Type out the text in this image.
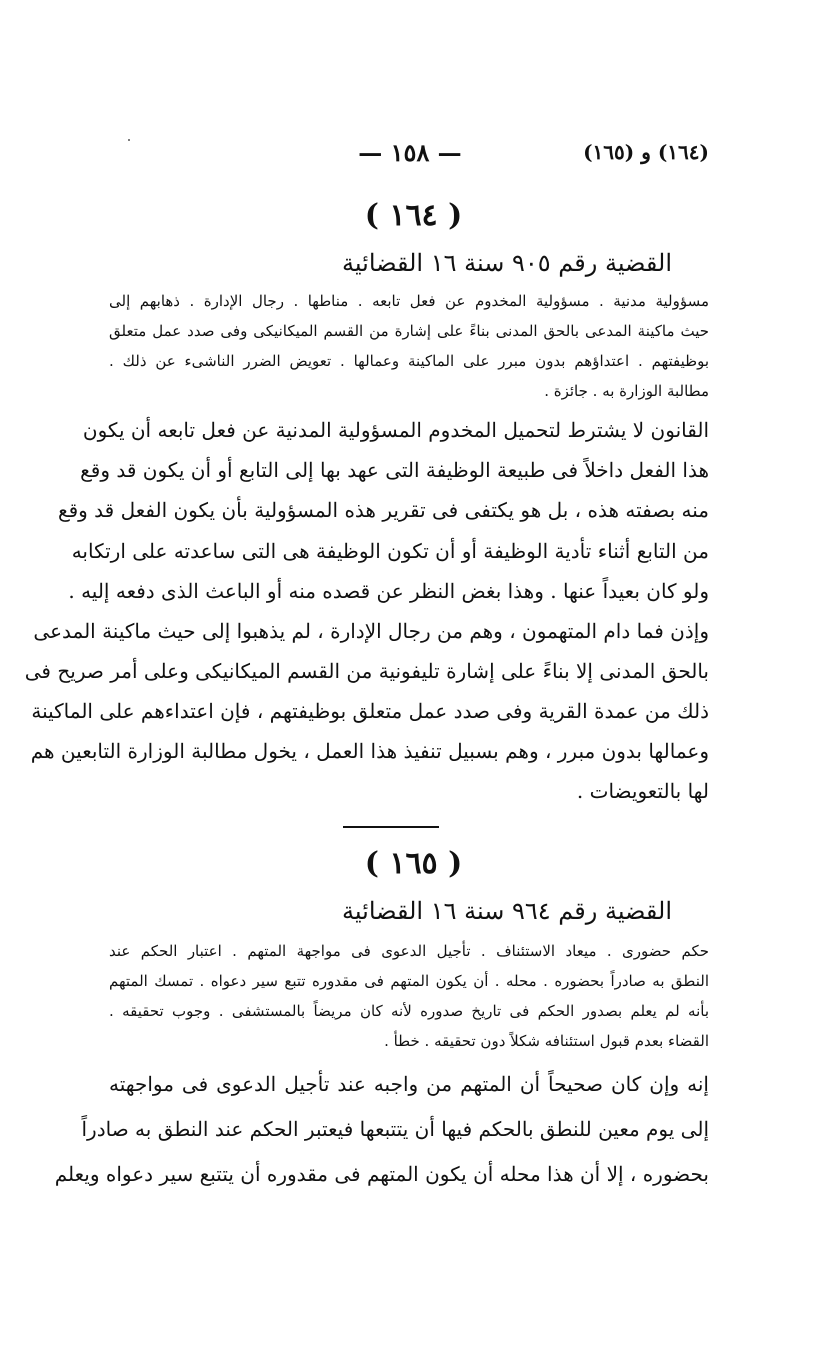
— ١٥٨ —	(١٦٤) و (١٦٥)
( ١٦٤ )
القضية رقم ٩٠٥ سنة ١٦ القضائية
مسؤولية مدنية . مسؤولية المخدوم عن فعل تابعه . مناطها . رجال الإدارة . ذهابهم إلى
حيث ماكينة المدعى بالحق المدنى بناءً على إشارة من القسم الميكانيكى وفى صدد عمل متعلق
بوظيفتهم . اعتداؤهم بدون مبرر على الماكينة وعمالها . تعويض الضرر الناشىء عن ذلك .
مطالبة الوزارة به . جائزة .
القانون لا يشترط لتحميل المخدوم المسؤولية المدنية عن فعل تابعه أن يكون
هذا الفعل داخلاً فى طبيعة الوظيفة التى عهد بها إلى التابع أو أن يكون قد وقع
منه بصفته هذه ، بل هو يكتفى فى تقرير هذه المسؤولية بأن يكون الفعل قد وقع
من التابع أثناء تأدية الوظيفة أو أن تكون الوظيفة هى التى ساعدته على ارتكابه
ولو كان بعيداً عنها . وهذا بغض النظر عن قصده منه أو الباعث الذى دفعه إليه .
وإذن فما دام المتهمون ، وهم من رجال الإدارة ، لم يذهبوا إلى حيث ماكينة المدعى
بالحق المدنى إلا بناءً على إشارة تليفونية من القسم الميكانيكى وعلى أمر صريح فى
ذلك من عمدة القرية وفى صدد عمل متعلق بوظيفتهم ، فإن اعتداءهم على الماكينة
وعمالها بدون مبرر ، وهم بسبيل تنفيذ هذا العمل ، يخول مطالبة الوزارة التابعين هم
لها بالتعويضات .
( ١٦٥ )
القضية رقم ٩٦٤ سنة ١٦ القضائية
حكم حضورى . ميعاد الاستئناف . تأجيل الدعوى فى مواجهة المتهم . اعتبار الحكم عند
النطق به صادراً بحضوره . محله . أن يكون المتهم فى مقدوره تتبع سير دعواه . تمسك المتهم
بأنه لم يعلم بصدور الحكم فى تاريخ صدوره لأنه كان مريضاً بالمستشفى . وجوب تحقيقه .
القضاء بعدم قبول استئنافه شكلاً دون تحقيقه . خطأ .
إنه وإن كان صحيحاً أن المتهم من واجبه عند تأجيل الدعوى فى مواجهته
إلى يوم معين للنطق بالحكم فيها أن يتتبعها فيعتبر الحكم عند النطق به صادراً
بحضوره ، إلا أن هذا محله أن يكون المتهم فى مقدوره أن يتتبع سير دعواه ويعلم
